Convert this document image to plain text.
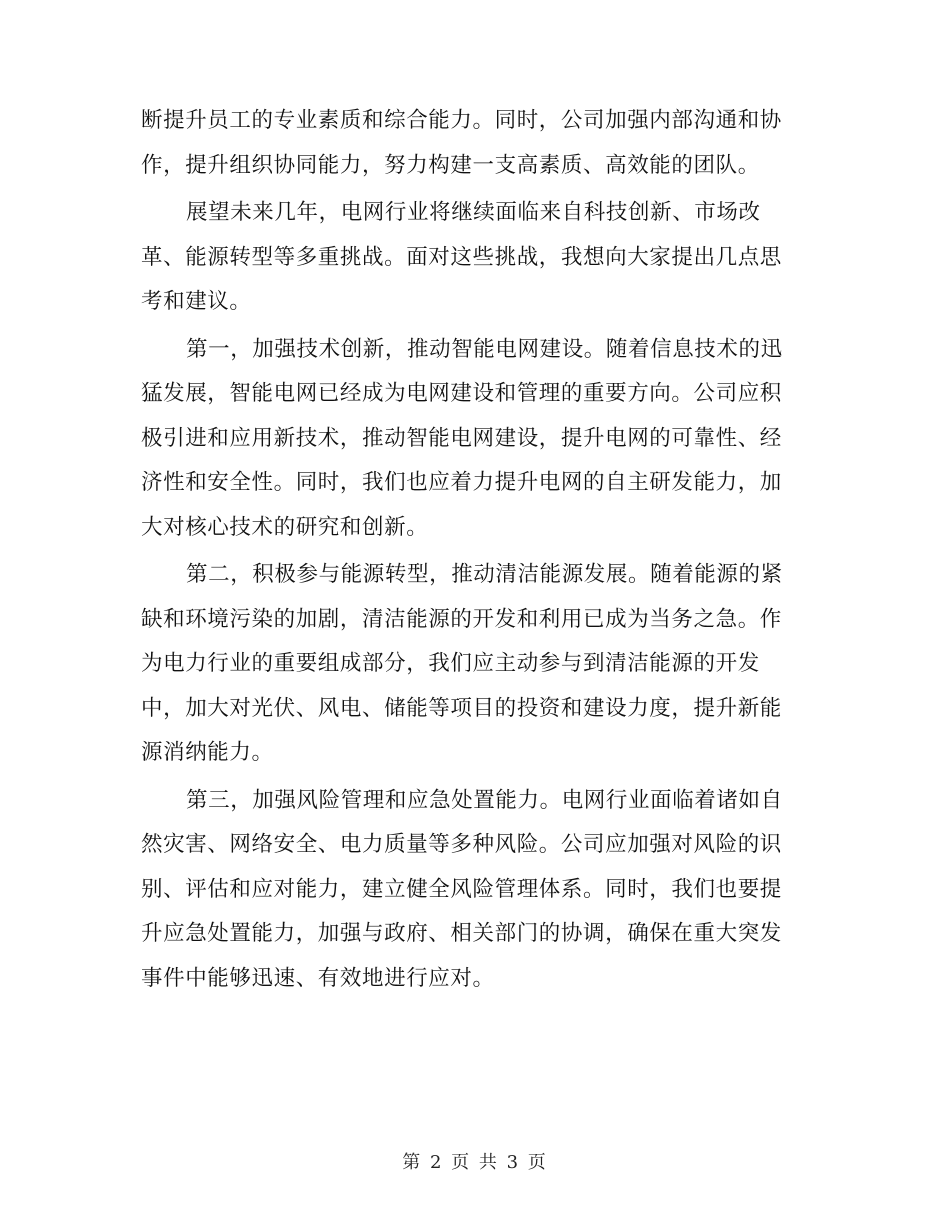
断提升员工的专业素质和综合能力。同时，公司加强内部沟通和协作，提升组织协同能力，努力构建一支高素质、高效能的团队。

展望未来几年，电网行业将继续面临来自科技创新、市场改革、能源转型等多重挑战。面对这些挑战，我想向大家提出几点思考和建议。

第一，加强技术创新，推动智能电网建设。随着信息技术的迅猛发展，智能电网已经成为电网建设和管理的重要方向。公司应积极引进和应用新技术，推动智能电网建设，提升电网的可靠性、经济性和安全性。同时，我们也应着力提升电网的自主研发能力，加大对核心技术的研究和创新。

第二，积极参与能源转型，推动清洁能源发展。随着能源的紧缺和环境污染的加剧，清洁能源的开发和利用已成为当务之急。作为电力行业的重要组成部分，我们应主动参与到清洁能源的开发中，加大对光伏、风电、储能等项目的投资和建设力度，提升新能源消纳能力。

第三，加强风险管理和应急处置能力。电网行业面临着诸如自然灾害、网络安全、电力质量等多种风险。公司应加强对风险的识别、评估和应对能力，建立健全风险管理体系。同时，我们也要提升应急处置能力，加强与政府、相关部门的协调，确保在重大突发事件中能够迅速、有效地进行应对。

第 2 页 共 3 页
